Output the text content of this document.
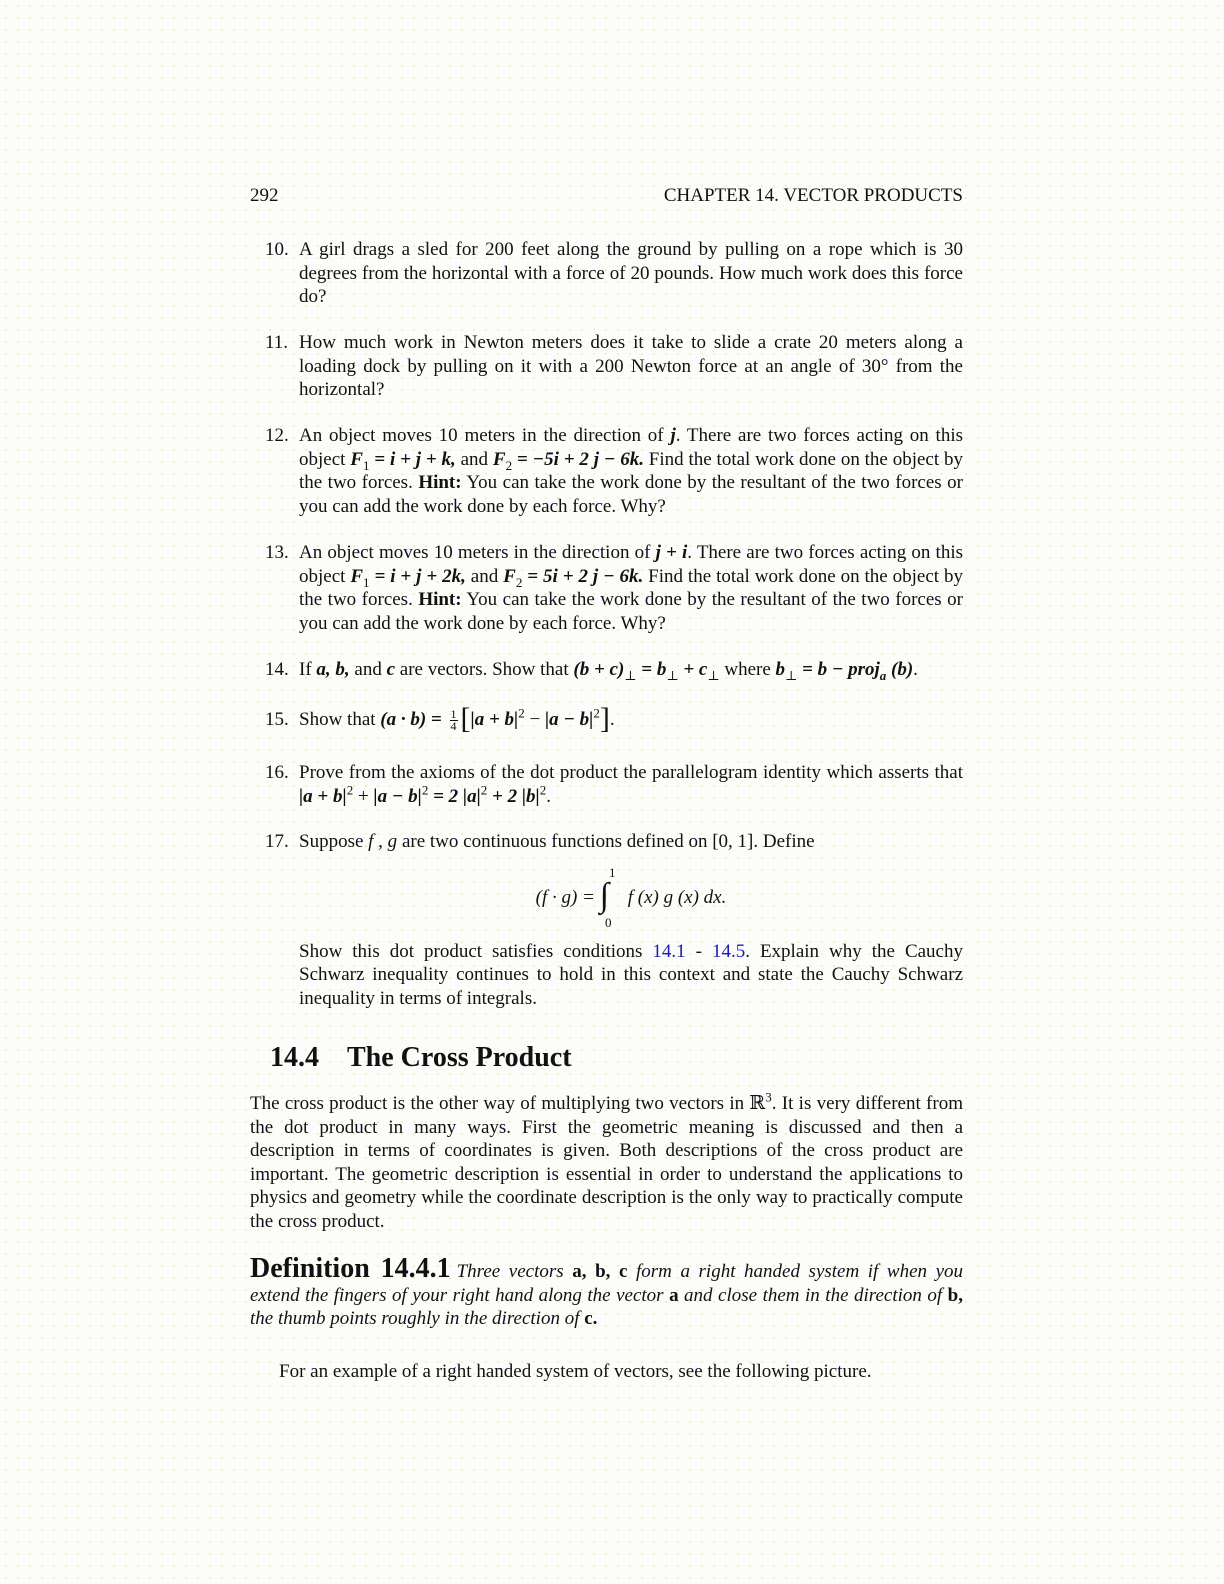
292	CHAPTER 14. VECTOR PRODUCTS
10. A girl drags a sled for 200 feet along the ground by pulling on a rope which is 30 degrees from the horizontal with a force of 20 pounds. How much work does this force do?
11. How much work in Newton meters does it take to slide a crate 20 meters along a loading dock by pulling on it with a 200 Newton force at an angle of 30° from the horizontal?
12. An object moves 10 meters in the direction of j. There are two forces acting on this object $F_1 = i + j + k$, and $F_2 = -5i + 2$ j − 6k. Find the total work done on the object by the two forces. Hint: You can take the work done by the resultant of the two forces or you can add the work done by each force. Why?
13. An object moves 10 meters in the direction of j + i. There are two forces acting on this object $F_1 = i + j + 2k$, and $F_2 = 5i + 2$ j − 6k. Find the total work done on the object by the two forces. Hint: You can take the work done by the resultant of the two forces or you can add the work done by each force. Why?
14. If a, b, and c are vectors. Show that $(b + c)_\perp = b_\perp + c_\perp$ where $b_\perp = b$ − proj$_a$ (b).
15. Show that $(a \cdot b) = \frac{1}{4} [|a + b|^2 - |a - b|^2]$.
16. Prove from the axioms of the dot product the parallelogram identity which asserts that $|a + b|^2 + |a - b|^2 = 2$ $|a|^2 + 2$ $|b|^2$.
17. Suppose f , g are two continuous functions defined on [0, 1]. Define
(f · g) = ∫
1
0
f (x) g (x) dx.
Show this dot product satisfies conditions 14.1 - 14.5. Explain why the Cauchy Schwarz inequality continues to hold in this context and state the Cauchy Schwarz inequality in terms of integrals.
14.4 The Cross Product
The cross product is the other way of multiplying two vectors in ℝ$^3$. It is very different from the dot product in many ways. First the geometric meaning is discussed and then a description in terms of coordinates is given. Both descriptions of the cross product are important. The geometric description is essential in order to understand the applications to physics and geometry while the coordinate description is the only way to practically compute the cross product.
Definition 14.4.1 Three vectors a, b, c form a right handed system if when you extend the fingers of your right hand along the vector a and close them in the direction of b, the thumb points roughly in the direction of c.
For an example of a right handed system of vectors, see the following picture.
